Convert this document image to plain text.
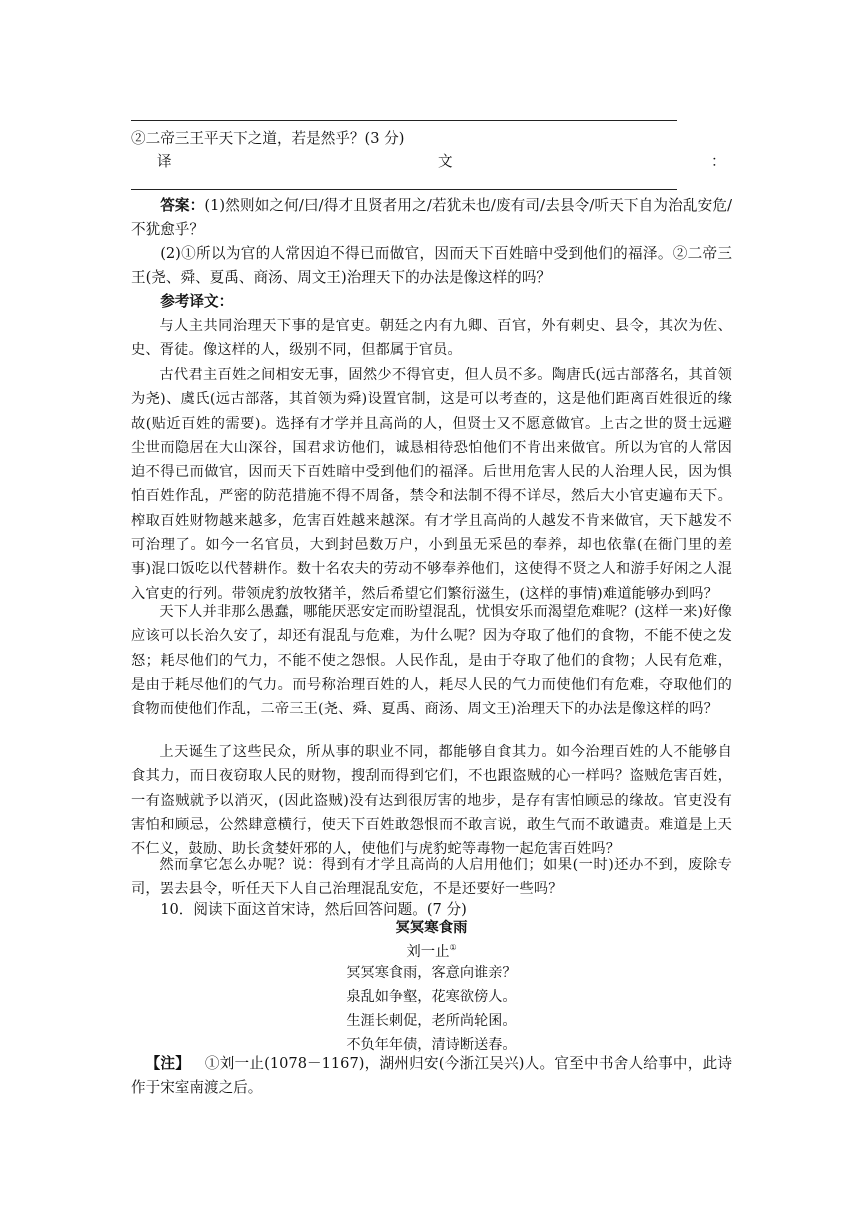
②二帝三王平天下之道，若是然乎？(3 分)
译	文	：
答案：(1)然则如之何/曰/得才且贤者用之/若犹未也/废有司/去县令/听天下自为治乱安危/不犹愈乎？
(2)①所以为官的人常因迫不得已而做官，因而天下百姓暗中受到他们的福泽。②二帝三王(尧、舜、夏禹、商汤、周文王)治理天下的办法是像这样的吗？
参考译文：
与人主共同治理天下事的是官吏。朝廷之内有九卿、百官，外有刺史、县令，其次为佐、史、胥徒。像这样的人，级别不同，但都属于官员。
古代君主百姓之间相安无事，固然少不得官吏，但人员不多。陶唐氏(远古部落名，其首领为尧)、虞氏(远古部落，其首领为舜)设置官制，这是可以考查的，这是他们距离百姓很近的缘故(贴近百姓的需要)。选择有才学并且高尚的人，但贤士又不愿意做官。上古之世的贤士远避尘世而隐居在大山深谷，国君求访他们，诚恳相待恐怕他们不肯出来做官。所以为官的人常因迫不得已而做官，因而天下百姓暗中受到他们的福泽。后世用危害人民的人治理人民，因为惧怕百姓作乱，严密的防范措施不得不周备，禁令和法制不得不详尽，然后大小官吏遍布天下。榨取百姓财物越来越多，危害百姓越来越深。有才学且高尚的人越发不肯来做官，天下越发不可治理了。如今一名官员，大到封邑数万户，小到虽无采邑的奉养，却也依靠(在衙门里的差事)混口饭吃以代替耕作。数十名农夫的劳动不够奉养他们，这使得不贤之人和游手好闲之人混入官吏的行列。带领虎豹放牧猪羊，然后希望它们繁衍滋生，(这样的事情)难道能够办到吗？
天下人并非那么愚蠢，哪能厌恶安定而盼望混乱，忧惧安乐而渴望危难呢？(这样一来)好像应该可以长治久安了，却还有混乱与危难，为什么呢？因为夺取了他们的食物，不能不使之发怒；耗尽他们的气力，不能不使之怨恨。人民作乱，是由于夺取了他们的食物；人民有危难，是由于耗尽他们的气力。而号称治理百姓的人，耗尽人民的气力而使他们有危难，夺取他们的食物而使他们作乱，二帝三王(尧、舜、夏禹、商汤、周文王)治理天下的办法是像这样的吗？
上天诞生了这些民众，所从事的职业不同，都能够自食其力。如今治理百姓的人不能够自食其力，而日夜窃取人民的财物，搜刮而得到它们，不也跟盗贼的心一样吗？盗贼危害百姓，一有盗贼就予以消灭，(因此盗贼)没有达到很厉害的地步，是存有害怕顾忌的缘故。官吏没有害怕和顾忌，公然肆意横行，使天下百姓敢怨恨而不敢言说，敢生气而不敢谴责。难道是上天不仁义，鼓励、助长贪婪奸邪的人，使他们与虎豹蛇等毒物一起危害百姓吗？
然而拿它怎么办呢？说：得到有才学且高尚的人启用他们；如果(一时)还办不到，废除专司，罢去县令，听任天下人自己治理混乱安危，不是还要好一些吗？
10．阅读下面这首宋诗，然后回答问题。(7 分)
冥冥寒食雨
刘一止①
冥冥寒食雨，客意向谁亲？
泉乱如争壑，花寒欲傍人。
生涯长刺促，老所尚轮囷。
不负年年债，清诗断送春。
【注】  ①刘一止(1078－1167)，湖州归安(今浙江吴兴)人。官至中书舍人给事中，此诗作于宋室南渡之后。
